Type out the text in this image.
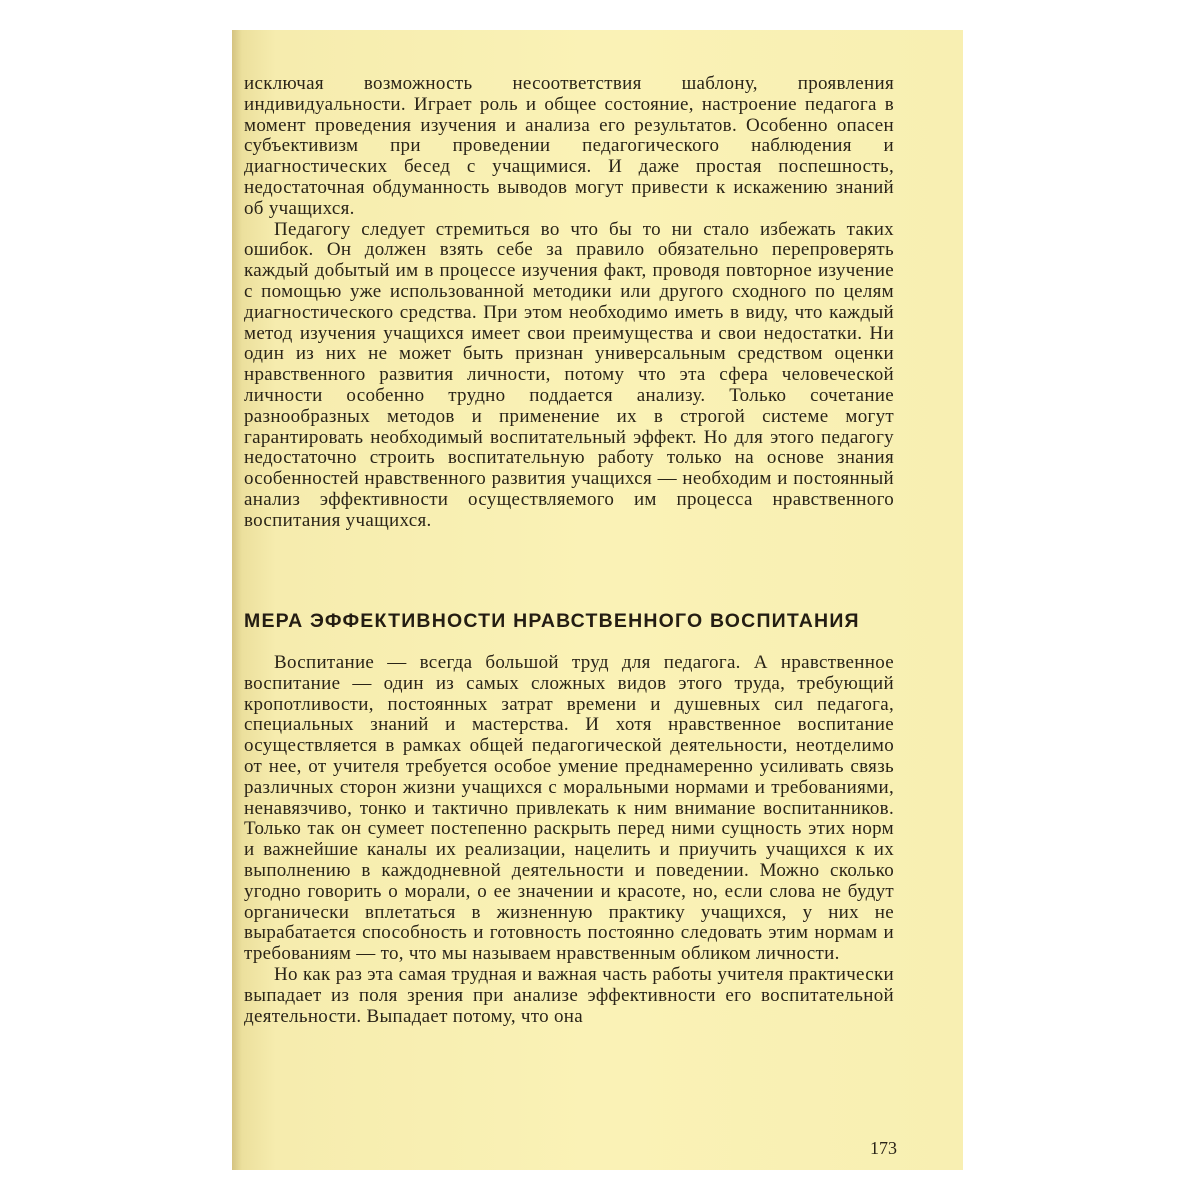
исключая возможность несоответствия шаблону, проявления индивидуальности. Играет роль и общее состояние, настроение педагога в момент проведения изучения и анализа его результатов. Особенно опасен субъективизм при проведении педагогического наблюдения и диагностических бесед с учащимися. И даже простая поспешность, недостаточная обдуманность выводов могут привести к искажению знаний об учащихся.

Педагогу следует стремиться во что бы то ни стало избежать таких ошибок. Он должен взять себе за правило обязательно перепроверять каждый добытый им в процессе изучения факт, проводя повторное изучение с помощью уже использованной методики или другого сходного по целям диагностического средства. При этом необходимо иметь в виду, что каждый метод изучения учащихся имеет свои преимущества и свои недостатки. Ни один из них не может быть признан универсальным средством оценки нравственного развития личности, потому что эта сфера человеческой личности особенно трудно поддается анализу. Только сочетание разнообразных методов и применение их в строгой системе могут гарантировать необходимый воспитательный эффект. Но для этого педагогу недостаточно строить воспитательную работу только на основе знания особенностей нравственного развития учащихся — необходим и постоянный анализ эффективности осуществляемого им процесса нравственного воспитания учащихся.

МЕРА ЭФФЕКТИВНОСТИ НРАВСТВЕННОГО ВОСПИТАНИЯ

Воспитание — всегда большой труд для педагога. А нравственное воспитание — один из самых сложных видов этого труда, требующий кропотливости, постоянных затрат времени и душевных сил педагога, специальных знаний и мастерства. И хотя нравственное воспитание осуществляется в рамках общей педагогической деятельности, неотделимо от нее, от учителя требуется особое умение преднамеренно усиливать связь различных сторон жизни учащихся с моральными нормами и требованиями, ненавязчиво, тонко и тактично привлекать к ним внимание воспитанников. Только так он сумеет постепенно раскрыть перед ними сущность этих норм и важнейшие каналы их реализации, нацелить и приучить учащихся к их выполнению в каждодневной деятельности и поведении. Можно сколько угодно говорить о морали, о ее значении и красоте, но, если слова не будут органически вплетаться в жизненную практику учащихся, у них не вырабатается способность и готовность постоянно следовать этим нормам и требованиям — то, что мы называем нравственным обликом личности.

Но как раз эта самая трудная и важная часть работы учителя практически выпадает из поля зрения при анализе эффективности его воспитательной деятельности. Выпадает потому, что она

173
